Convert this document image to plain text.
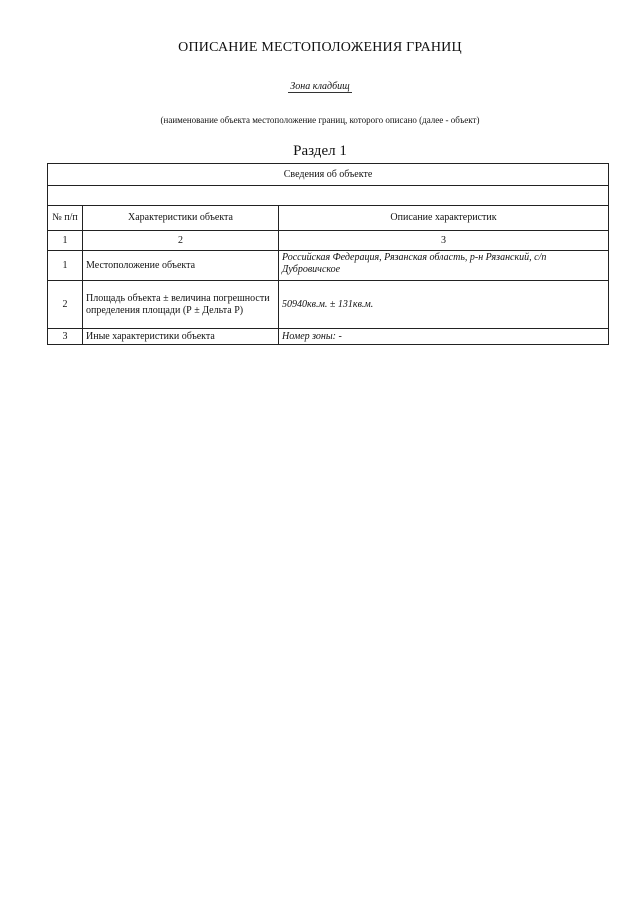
ОПИСАНИЕ МЕСТОПОЛОЖЕНИЯ ГРАНИЦ
Зона кладбищ
(наименование объекта местоположение границ, которого описано (далее - объект)
Раздел 1
Сведения об объекте		

№ п/п	Характеристики объекта	Описание характеристик
1	2	3
1	Местоположение объекта	Российская Федерация, Рязанская область, р-н Рязанский, с/п Дубровичское
2	Площадь объекта ± величина погрешности определения площади (Р ± Дельта Р)	50940кв.м. ± 131кв.м.
3	Иные характеристики объекта	Номер зоны: -
